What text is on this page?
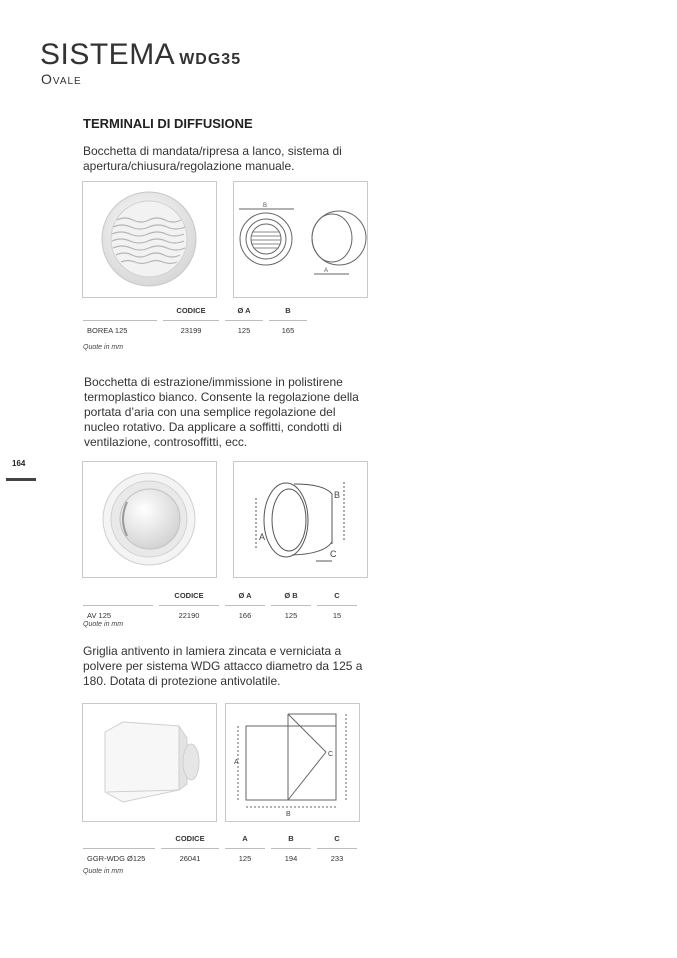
SISTEMA WDG35
Ovale
TERMINALI DI DIFFUSIONE
164
Bocchetta di mandata/ripresa a lanco, sistema di apertura/chiusura/regolazione manuale.
B
A
		CODICE		Ø A		B
BOREA 125		23199		125		165
Quote in mm
Bocchetta di estrazione/immissione in polistirene termoplastico bianco. Consente la regolazione della portata d’aria con una semplice regolazione del nucleo rotativo. Da applicare a soffitti, condotti di ventilazione, controsoffitti, ecc.
A
B
C
		CODICE		Ø A		Ø B		C
AV 125		22190		166		125		15
Quote in mm
Griglia antivento in lamiera zincata e verniciata a polvere per sistema WDG attacco diametro da 125 a 180. Dotata di protezione antivolatile.
A
B
C
		CODICE		A		B		C
GGR-WDG Ø125		26041		125		194		233
Quote in mm
